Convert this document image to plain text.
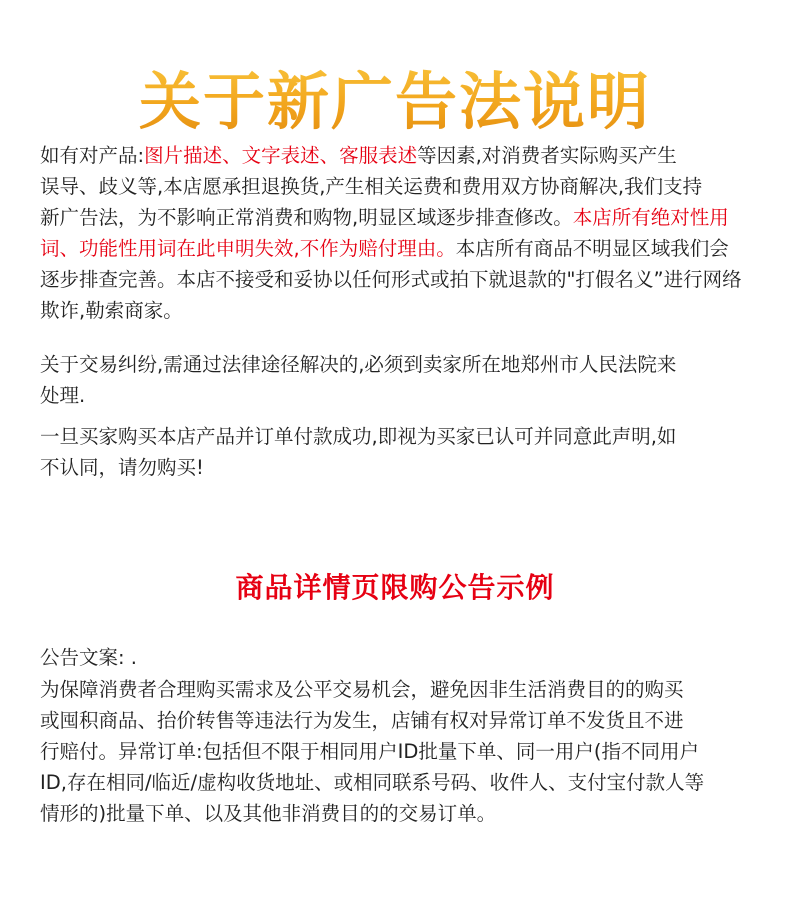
关于新广告法说明
如有对产品:图片描述、文字表述、客服表述等因素,对消费者实际购买产生
误导、歧义等,本店愿承担退换货,产生相关运费和费用双方协商解决,我们支持
新广告法，为不影响正常消费和购物,明显区域逐步排查修改。本店所有绝对性用
词、功能性用词在此申明失效,不作为赔付理由。本店所有商品不明显区域我们会
逐步排查完善。本店不接受和妥协以任何形式或拍下就退款的"打假名义”进行网络
欺诈,勒索商家。
关于交易纠纷,需通过法律途径解决的,必须到卖家所在地郑州市人民法院来
处理.
一旦买家购买本店产品并订单付款成功,即视为买家已认可并同意此声明,如
不认同，请勿购买!
商品详情页限购公告示例
公告文案: .
为保障消费者合理购买需求及公平交易机会，避免因非生活消费目的的购买
或囤积商品、抬价转售等违法行为发生，店铺有权对异常订单不发货且不进
行赔付。异常订单:包括但不限于相同用户ID批量下单、同一用户(指不同用户
ID,存在相同/临近/虚构收货地址、或相同联系号码、收件人、支付宝付款人等
情形的)批量下单、以及其他非消费目的的交易订单。
